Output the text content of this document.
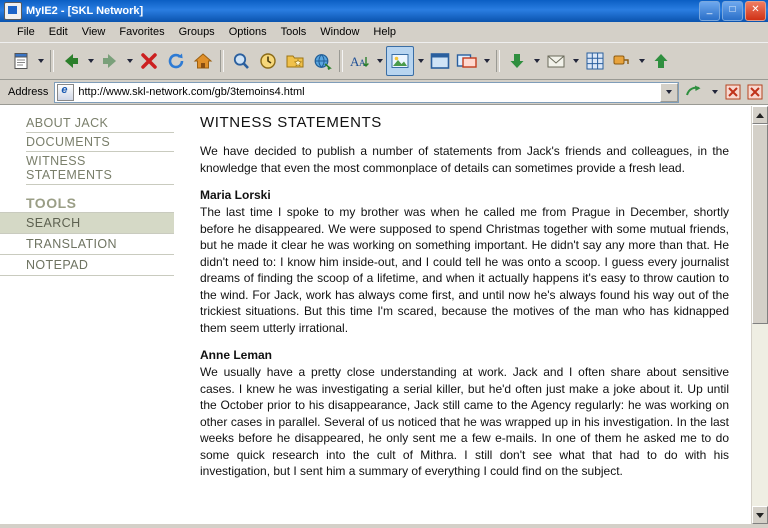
MyIE2 - [SKL Network]	_	□	✕
File	Edit	View	Favorites	Groups	Options	Tools	Window	Help
A A
Address e	http://www.skl-network.com/gb/3temoins4.html
ABOUT JACK
DOCUMENTS
WITNESS STATEMENTS
TOOLS
SEARCH
TRANSLATION
NOTEPAD
WITNESS STATEMENTS

We have decided to publish a number of statements from Jack's friends and colleagues, in the knowledge that even the most commonplace of details can sometimes provide a fresh lead.

Maria Lorski

The last time I spoke to my brother was when he called me from Prague in December, shortly before he disappeared. We were supposed to spend Christmas together with some mutual friends, but he made it clear he was working on something important. He didn't say any more than that. He didn't need to: I know him inside-out, and I could tell he was onto a scoop. I guess every journalist dreams of finding the scoop of a lifetime, and when it actually happens it's easy to throw caution to the wind. For Jack, work has always come first, and until now he's always found his way out of the trickiest situations. But this time I'm scared, because the motives of the man who has kidnapped them seem utterly irrational.

Anne Leman

We usually have a pretty close understanding at work. Jack and I often share about sensitive cases. I knew he was investigating a serial killer, but he'd often just make a joke about it. Up until the October prior to his disappearance, Jack still came to the Agency regularly: he was working on other cases in parallel. Several of us noticed that he was wrapped up in his investigation. In the last weeks before he disappeared, he only sent me a few e-mails. In one of them he asked me to do some quick research into the cult of Mithra. I still don't see what that had to do with his investigation, but I sent him a summary of everything I could find on the subject.
